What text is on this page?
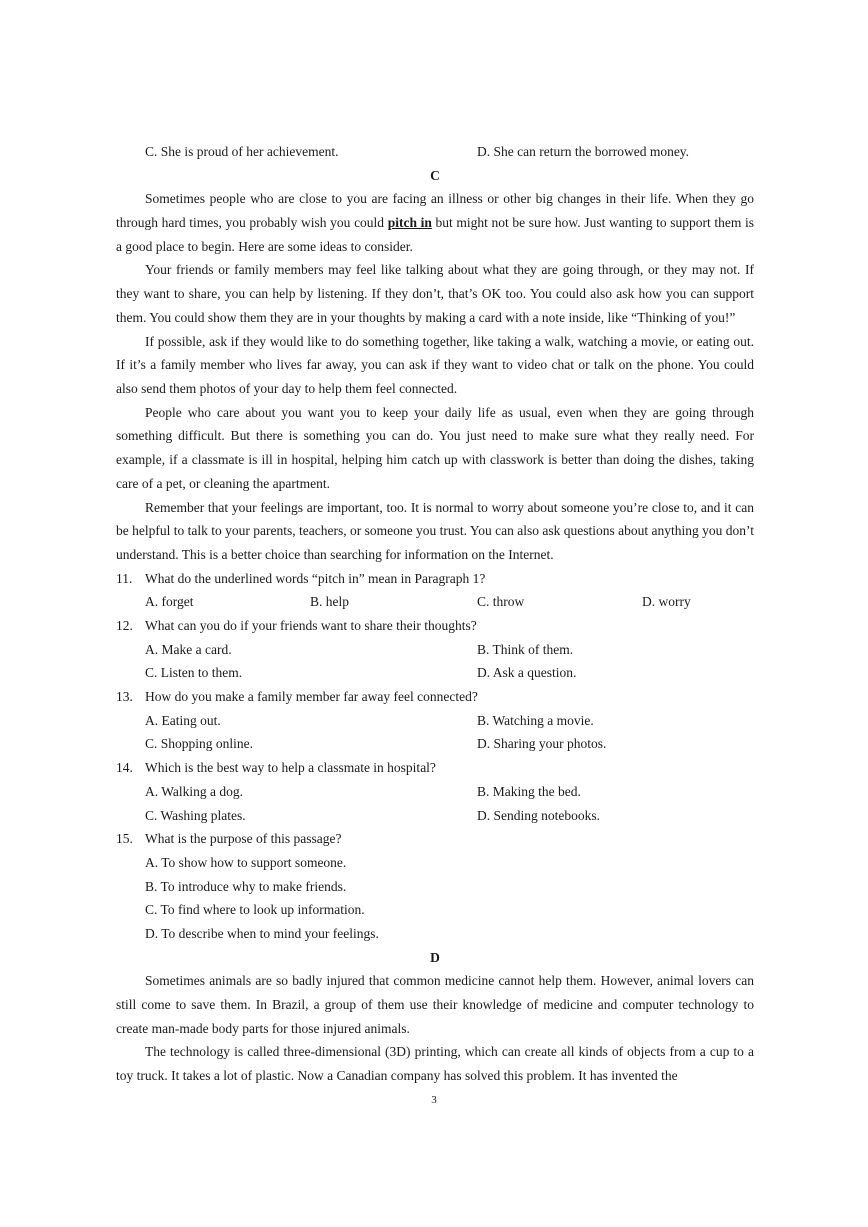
C. She is proud of her achievement.	D. She can return the borrowed money.
C

Sometimes people who are close to you are facing an illness or other big changes in their life. When they go through hard times, you probably wish you could pitch in but might not be sure how. Just wanting to support them is a good place to begin. Here are some ideas to consider.

Your friends or family members may feel like talking about what they are going through, or they may not. If they want to share, you can help by listening. If they don’t, that’s OK too. You could also ask how you can support them. You could show them they are in your thoughts by making a card with a note inside, like “Thinking of you!”

If possible, ask if they would like to do something together, like taking a walk, watching a movie, or eating out. If it’s a family member who lives far away, you can ask if they want to video chat or talk on the phone. You could also send them photos of your day to help them feel connected.

People who care about you want you to keep your daily life as usual, even when they are going through something difficult. But there is something you can do. You just need to make sure what they really need. For example, if a classmate is ill in hospital, helping him catch up with classwork is better than doing the dishes, taking care of a pet, or cleaning the apartment.

Remember that your feelings are important, too. It is normal to worry about someone you’re close to, and it can be helpful to talk to your parents, teachers, or someone you trust. You can also ask questions about anything you don’t understand. This is a better choice than searching for information on the Internet.

11. What do the underlined words “pitch in” mean in Paragraph 1?
A. forget	B. help	C. throw	D. worry
12. What can you do if your friends want to share their thoughts?
A. Make a card.	B. Think of them.
C. Listen to them.	D. Ask a question.
13. How do you make a family member far away feel connected?
A. Eating out.	B. Watching a movie.
C. Shopping online.	D. Sharing your photos.
14. Which is the best way to help a classmate in hospital?
A. Walking a dog.	B. Making the bed.
C. Washing plates.	D. Sending notebooks.
15. What is the purpose of this passage?
A. To show how to support someone.
B. To introduce why to make friends.
C. To find where to look up information.
D. To describe when to mind your feelings.
D

Sometimes animals are so badly injured that common medicine cannot help them. However, animal lovers can still come to save them. In Brazil, a group of them use their knowledge of medicine and computer technology to create man-made body parts for those injured animals.

The technology is called three-dimensional (3D) printing, which can create all kinds of objects from a cup to a toy truck. It takes a lot of plastic. Now a Canadian company has solved this problem. It has invented the

3
